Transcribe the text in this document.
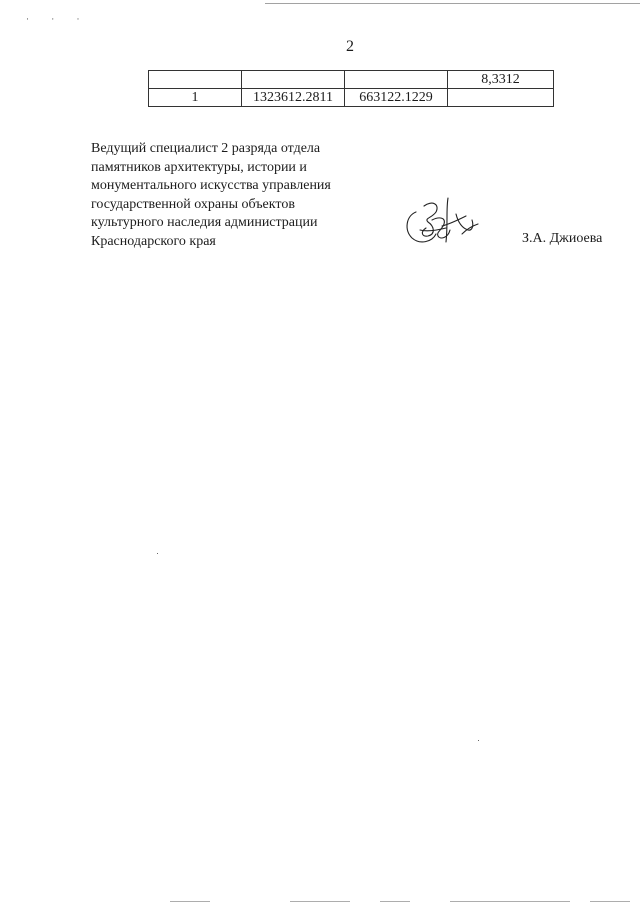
· · ·
2
			8,3312
1	1323612.2811	663122.1229	
Ведущий специалист 2 разряда отдела
памятников архитектуры, истории и
монументального искусства управления
государственной охраны объектов
культурного наследия администрации
Краснодарского края	З.А. Джиоева
